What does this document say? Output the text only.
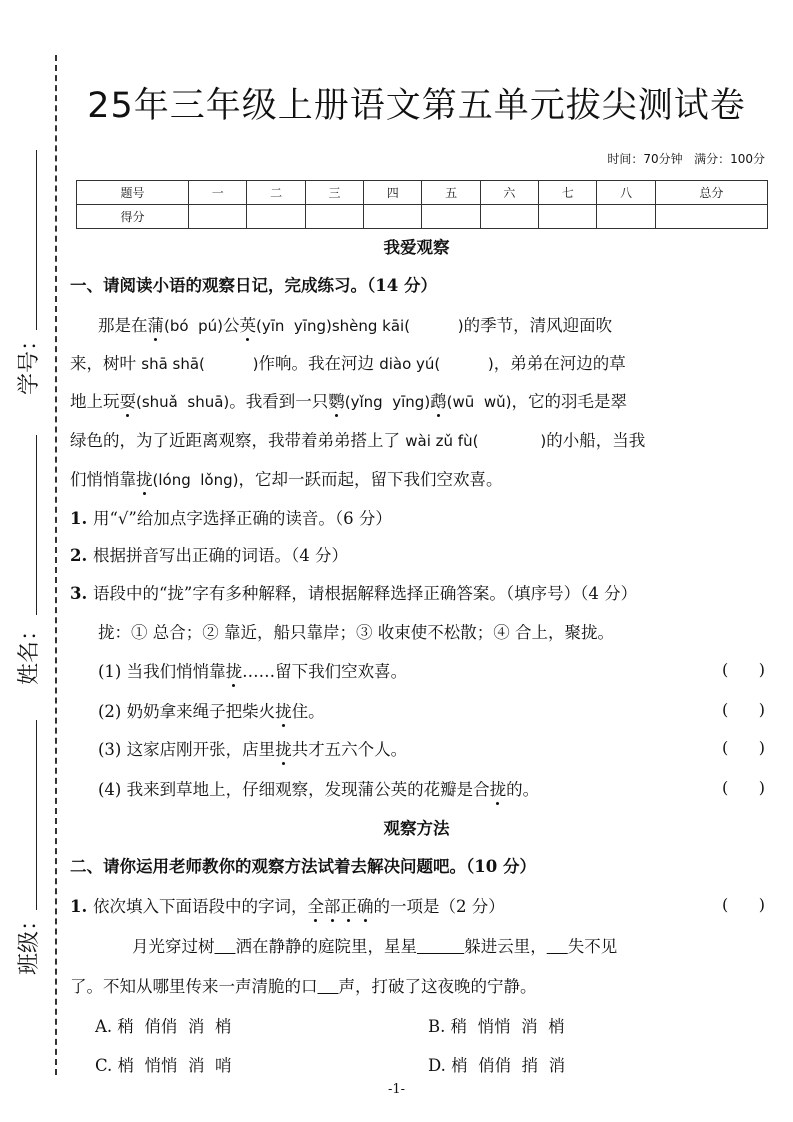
学号：
姓名：
班级：
25年三年级上册语文第五单元拔尖测试卷
时间：70分钟   满分：100分
题号	一	二	三	四	五	六	七	八	总分
得分									
我爱观察
一、请阅读小语的观察日记，完成练习。（14 分）
那是在蒲(bó  pú)公英(yīn  yīng)shèng kāi(          )的季节，清风迎面吹
来，树叶 shā shā(          )作响。我在河边 diào yú(          )，弟弟在河边的草
地上玩耍(shuǎ  shuā)。我看到一只鹦(yǐng  yīng)鹉(wū  wǔ)，它的羽毛是翠
绿色的，为了近距离观察，我带着弟弟搭上了 wài zǔ fù(             )的小船，当我
们悄悄靠拢(lóng  lǒng)，它却一跃而起，留下我们空欢喜。
1. 用“√”给加点字选择正确的读音。（6 分）
2. 根据拼音写出正确的词语。（4 分）
3. 语段中的“拢”字有多种解释，请根据解释选择正确答案。（填序号）（4 分）
拢：① 总合；② 靠近，船只靠岸；③ 收束使不松散；④ 合上，聚拢。
(1) 当我们悄悄靠拢……留下我们空欢喜。	(      )
(2) 奶奶拿来绳子把柴火拢住。	(      )
(3) 这家店刚开张，店里拢共才五六个人。	(      )
(4) 我来到草地上，仔细观察，发现蒲公英的花瓣是合拢的。	(      )
观察方法
二、请你运用老师教你的观察方法试着去解决问题吧。（10 分）
1. 依次填入下面语段中的字词，全部正确的一项是（2 分）	(      )
月光穿过树 洒在静静的庭院里，星星	躲进云里， 失不见
了。不知从哪里传来一声清脆的口 声，打破了这夜晚的宁静。
A. 稍  俏俏  消  梢	B. 稍  悄悄  消  梢
C. 梢  悄悄  消  哨	D. 梢  俏俏  捎  消
-1-
